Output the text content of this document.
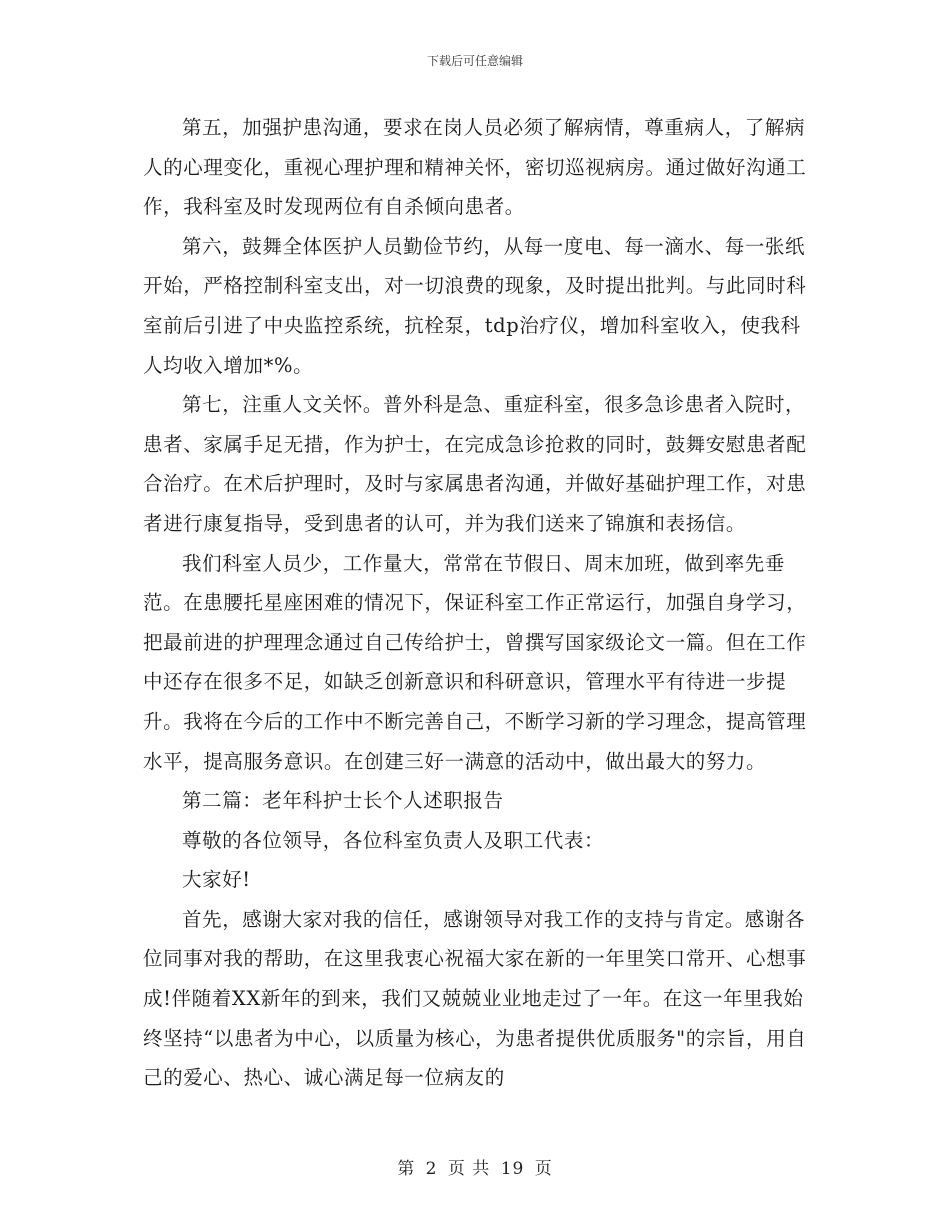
下载后可任意编辑

第五，加强护患沟通，要求在岗人员必须了解病情，尊重病人，了解病人的心理变化，重视心理护理和精神关怀，密切巡视病房。通过做好沟通工作，我科室及时发现两位有自杀倾向患者。

第六，鼓舞全体医护人员勤俭节约，从每一度电、每一滴水、每一张纸开始，严格控制科室支出，对一切浪费的现象，及时提出批判。与此同时科室前后引进了中央监控系统，抗栓泵，tdp治疗仪，增加科室收入，使我科人均收入增加*%。

第七，注重人文关怀。普外科是急、重症科室，很多急诊患者入院时，患者、家属手足无措，作为护士，在完成急诊抢救的同时，鼓舞安慰患者配合治疗。在术后护理时，及时与家属患者沟通，并做好基础护理工作，对患者进行康复指导，受到患者的认可，并为我们送来了锦旗和表扬信。

我们科室人员少，工作量大，常常在节假日、周末加班，做到率先垂范。在患腰托星座困难的情况下，保证科室工作正常运行，加强自身学习，把最前进的护理理念通过自己传给护士，曾撰写国家级论文一篇。但在工作中还存在很多不足，如缺乏创新意识和科研意识，管理水平有待进一步提升。我将在今后的工作中不断完善自己，不断学习新的学习理念，提高管理水平，提高服务意识。在创建三好一满意的活动中，做出最大的努力。

第二篇：老年科护士长个人述职报告

尊敬的各位领导，各位科室负责人及职工代表：

大家好!

首先，感谢大家对我的信任，感谢领导对我工作的支持与肯定。感谢各位同事对我的帮助，在这里我衷心祝福大家在新的一年里笑口常开、心想事成!伴随着XX新年的到来，我们又兢兢业业地走过了一年。在这一年里我始终坚持“以患者为中心，以质量为核心，为患者提供优质服务"的宗旨，用自己的爱心、热心、诚心满足每一位病友的

第 2 页 共 19 页
